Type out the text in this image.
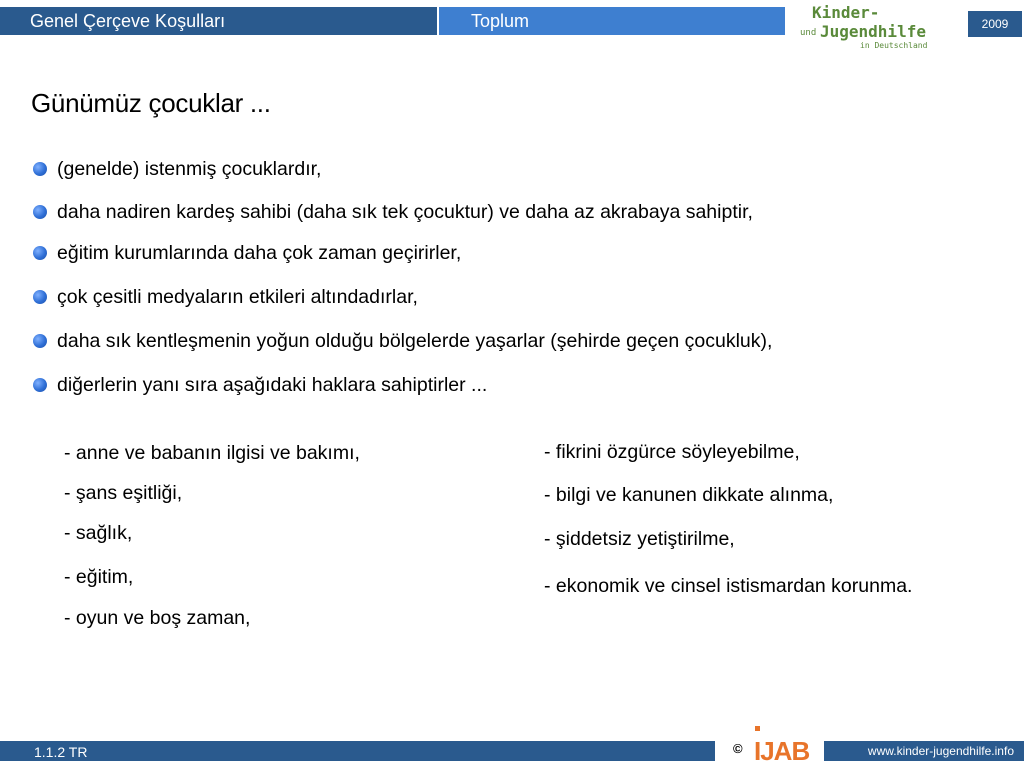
Genel Çerçeve Koşulları	Toplum	Kinder-
und Jugendhilfe
in Deutschland
2009
Günümüz çocuklar ...
(genelde) istenmiş çocuklardır,
daha nadiren kardeş sahibi (daha sık tek çocuktur) ve daha az akrabaya sahiptir,
eğitim kurumlarında daha çok zaman geçirirler,
çok çesitli medyaların etkileri altındadırlar,
daha sık kentleşmenin yoğun olduğu bölgelerde yaşarlar (şehirde geçen çocukluk),
diğerlerin yanı sıra aşağıdaki haklara sahiptirler ...
- anne ve babanın ilgisi ve bakımı,
- şans eşitliği,
- sağlık,
- eğitim,
- oyun ve boş zaman,
- fikrini özgürce söyleyebilme,
- bilgi ve kanunen dikkate alınma,
- şiddetsiz yetiştirilme,
- ekonomik ve cinsel istismardan korunma.
1.1.2 TR	© IJAB	www.kinder-jugendhilfe.info
